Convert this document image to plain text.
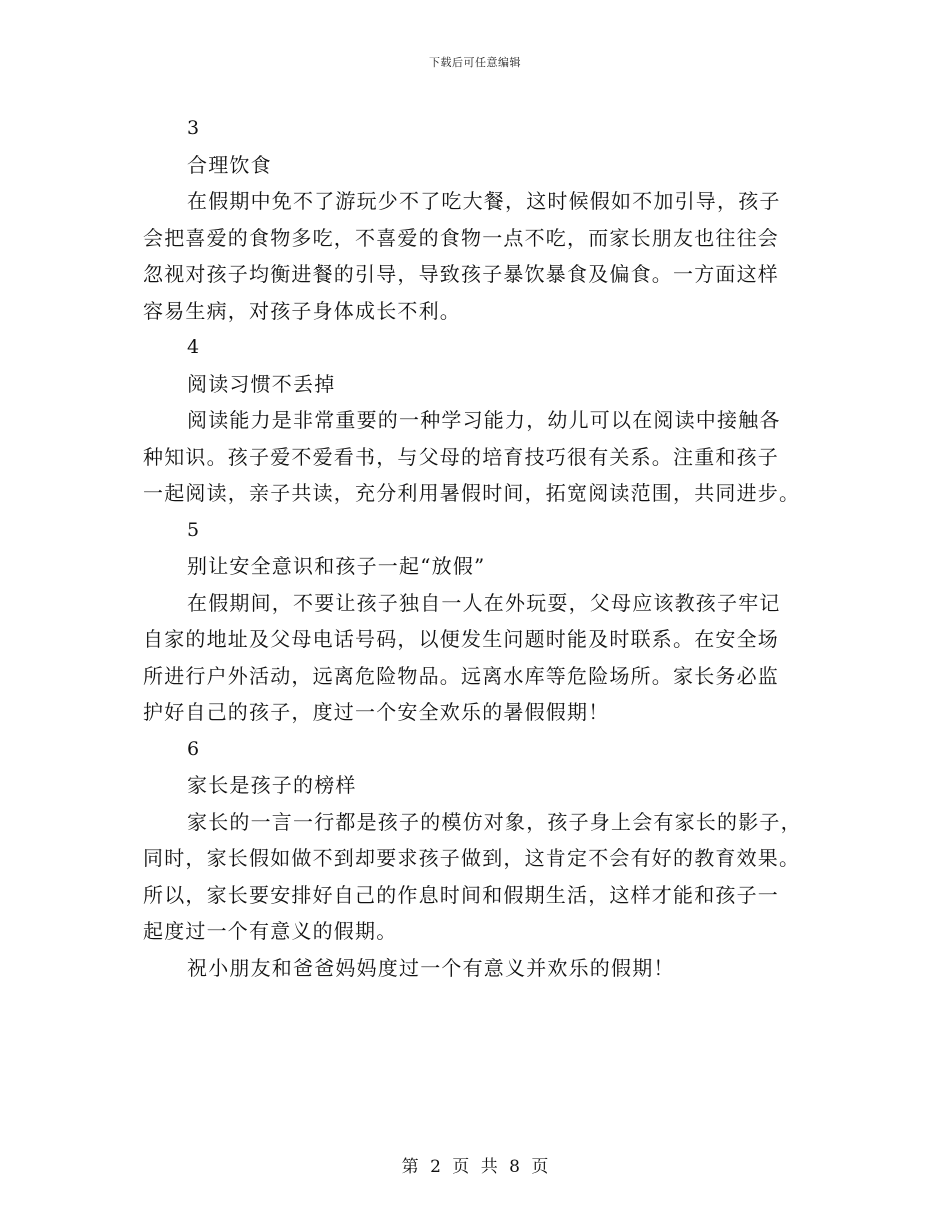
下载后可任意编辑
3
合理饮食
在假期中免不了游玩少不了吃大餐，这时候假如不加引导，孩子
会把喜爱的食物多吃，不喜爱的食物一点不吃，而家长朋友也往往会
忽视对孩子均衡进餐的引导，导致孩子暴饮暴食及偏食。一方面这样
容易生病，对孩子身体成长不利。
4
阅读习惯不丢掉
阅读能力是非常重要的一种学习能力，幼儿可以在阅读中接触各
种知识。孩子爱不爱看书，与父母的培育技巧很有关系。注重和孩子
一起阅读，亲子共读，充分利用暑假时间，拓宽阅读范围，共同进步。
5
别让安全意识和孩子一起“放假”
在假期间，不要让孩子独自一人在外玩耍，父母应该教孩子牢记
自家的地址及父母电话号码，以便发生问题时能及时联系。在安全场
所进行户外活动，远离危险物品。远离水库等危险场所。家长务必监
护好自己的孩子，度过一个安全欢乐的暑假假期！
6
家长是孩子的榜样
家长的一言一行都是孩子的模仿对象，孩子身上会有家长的影子，
同时，家长假如做不到却要求孩子做到，这肯定不会有好的教育效果。
所以，家长要安排好自己的作息时间和假期生活，这样才能和孩子一
起度过一个有意义的假期。
祝小朋友和爸爸妈妈度过一个有意义并欢乐的假期！
第 2 页 共 8 页
